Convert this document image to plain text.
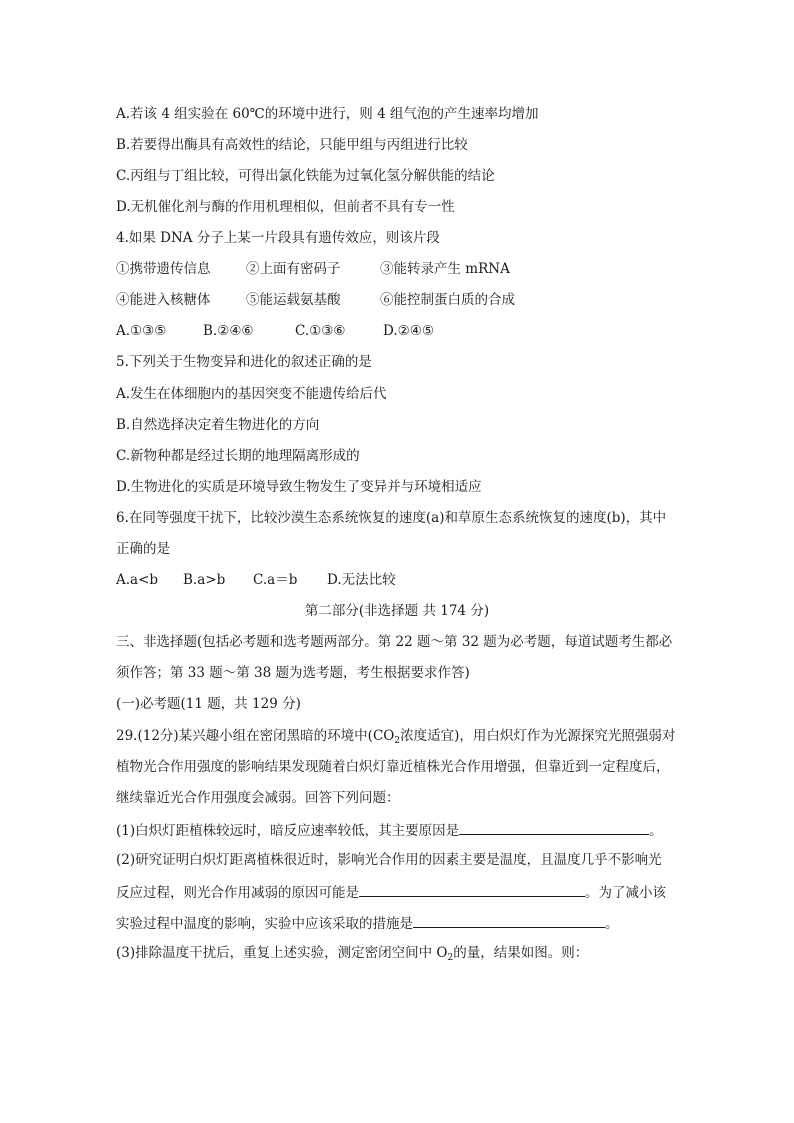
A.若该 4 组实验在 60℃的环境中进行，则 4 组气泡的产生速率均增加
B.若要得出酶具有高效性的结论，只能甲组与丙组进行比较
C.丙组与丁组比较，可得出氯化铁能为过氧化氢分解供能的结论
D.无机催化剂与酶的作用机理相似，但前者不具有专一性
4.如果 DNA 分子上某一片段具有遗传效应，则该片段
①携带遗传信息	②上面有密码子	③能转录产生 mRNA
④能进入核糖体	⑤能运载氨基酸	⑥能控制蛋白质的合成
A.①③⑤	B.②④⑥	C.①③⑥	D.②④⑤
5.下列关于生物变异和进化的叙述正确的是
A.发生在体细胞内的基因突变不能遗传给后代
B.自然选择决定着生物进化的方向
C.新物种都是经过长期的地理隔离形成的
D.生物进化的实质是环境导致生物发生了变异并与环境相适应
6.在同等强度干扰下，比较沙漠生态系统恢复的速度(a)和草原生态系统恢复的速度(b)，其中
正确的是
A.a<b B.a>b C.a＝b D.无法比较
第二部分(非选择题 共 174 分)
三、非选择题(包括必考题和选考题两部分。第 22 题～第 32 题为必考题，每道试题考生都必
须作答；第 33 题～第 38 题为选考题，考生根据要求作答)
(一)必考题(11 题，共 129 分)
29.(12分)某兴趣小组在密闭黑暗的环境中($CO_2$浓度适宜)，用白炽灯作为光源探究光照强弱对
植物光合作用强度的影响结果发现随着白炽灯靠近植株光合作用增强，但靠近到一定程度后，
继续靠近光合作用强度会减弱。回答下列问题：
(1)白炽灯距植株较远时，暗反应速率较低，其主要原因是	。
(2)研究证明白炽灯距离植株很近时，影响光合作用的因素主要是温度，且温度几乎不影响光
反应过程，则光合作用减弱的原因可能是	。为了减小该
实验过程中温度的影响，实验中应该采取的措施是	。
(3)排除温度干扰后，重复上述实验，测定密闭空间中 $O_2$的量，结果如图。则：
